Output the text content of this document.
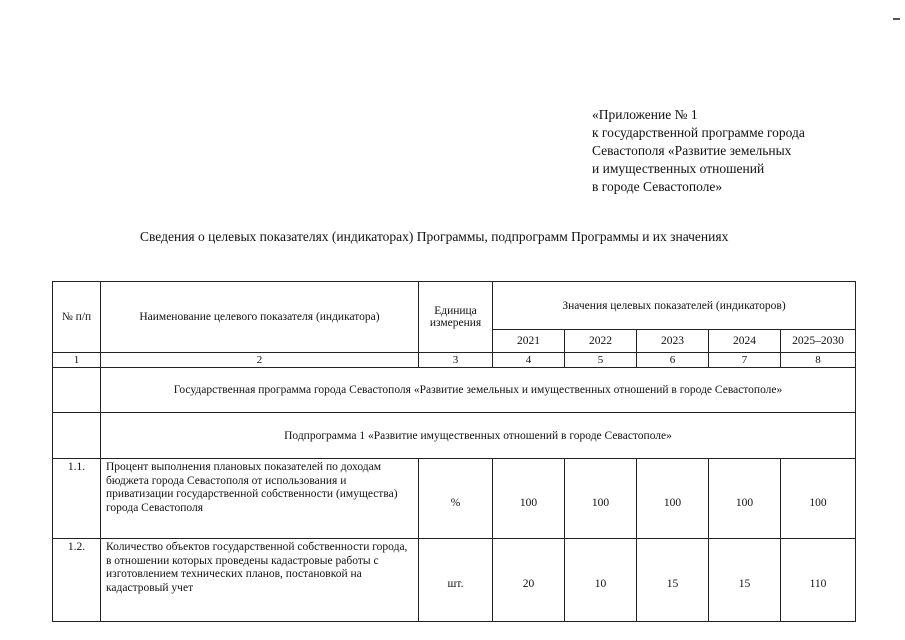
«Приложение № 1
к государственной программе города
Севастополя «Развитие земельных
и имущественных отношений
в городе Севастополе»
Сведения о целевых показателях (индикаторах) Программы, подпрограмм Программы и их значениях
№ п/п	Наименование целевого показателя (индикатора)	Единица измерения	Значения целевых показателей (индикаторов)				
			2021	2022	2023	2024	2025–2030
1	2	3	4	5	6	7	8
	Государственная программа города Севастополя «Развитие земельных и имущественных отношений в городе Севастополе»						
	Подпрограмма 1 «Развитие имущественных отношений в городе Севастополе»						
1.1.	Процент выполнения плановых показателей по доходам бюджета города Севастополя от использования и приватизации государственной собственности (имущества) города Севастополя	%	100	100	100	100	100
1.2.	Количество объектов государственной собственности города, в отношении которых проведены кадастровые работы с изготовлением технических планов, постановкой на кадастровый учет	шт.	20	10	15	15	110
